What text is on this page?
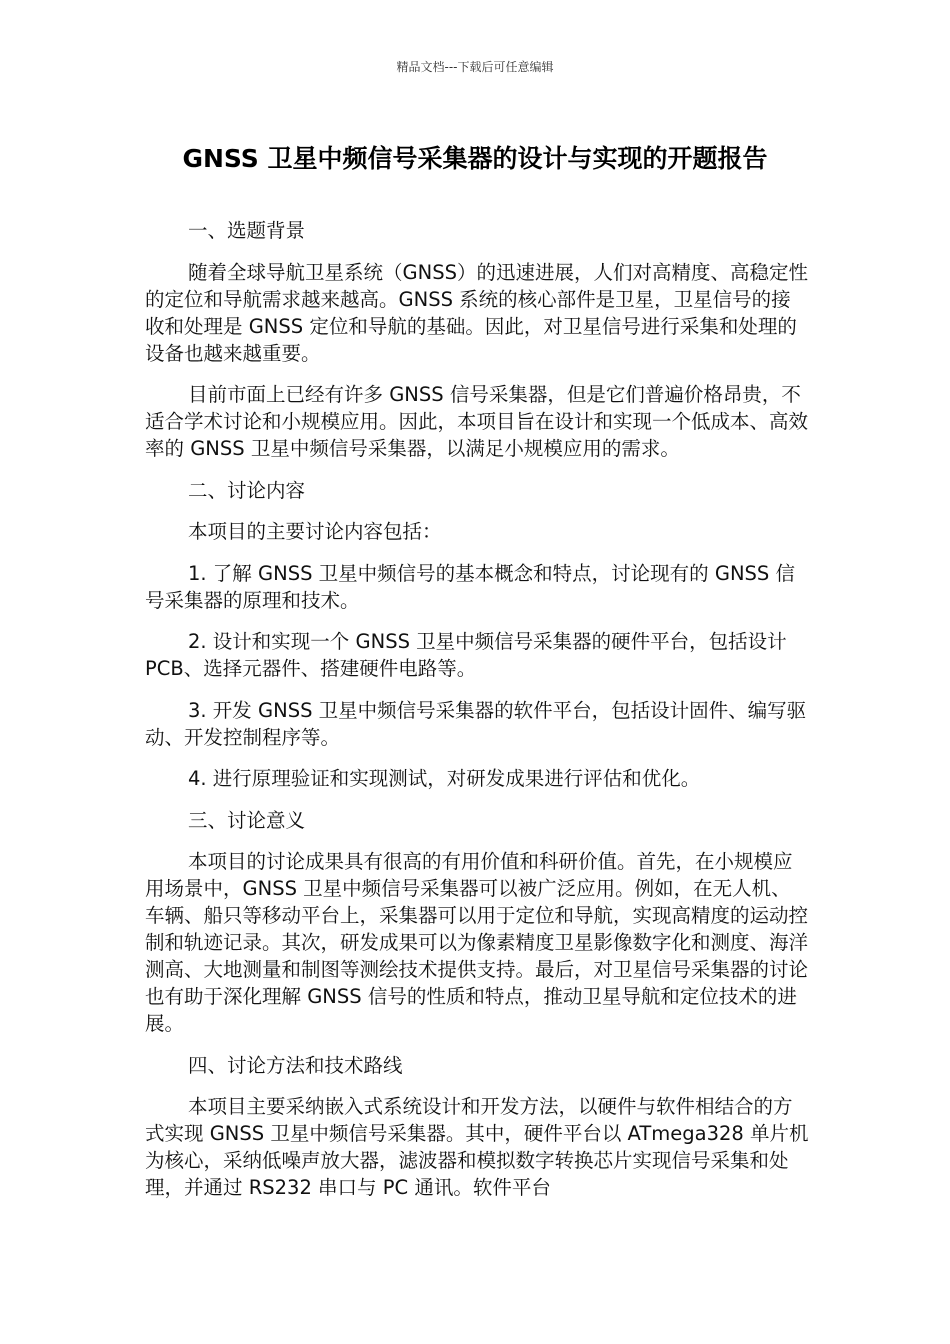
精品文档---下载后可任意编辑
GNSS 卫星中频信号采集器的设计与实现的开题报告

一、选题背景

随着全球导航卫星系统（GNSS）的迅速进展，人们对高精度、高稳定性的定位和导航需求越来越高。GNSS 系统的核心部件是卫星，卫星信号的接收和处理是 GNSS 定位和导航的基础。因此，对卫星信号进行采集和处理的设备也越来越重要。

目前市面上已经有许多 GNSS 信号采集器，但是它们普遍价格昂贵，不适合学术讨论和小规模应用。因此，本项目旨在设计和实现一个低成本、高效率的 GNSS 卫星中频信号采集器，以满足小规模应用的需求。

二、讨论内容

本项目的主要讨论内容包括：

1. 了解 GNSS 卫星中频信号的基本概念和特点，讨论现有的 GNSS 信号采集器的原理和技术。

2. 设计和实现一个 GNSS 卫星中频信号采集器的硬件平台，包括设计 PCB、选择元器件、搭建硬件电路等。

3. 开发 GNSS 卫星中频信号采集器的软件平台，包括设计固件、编写驱动、开发控制程序等。

4. 进行原理验证和实现测试，对研发成果进行评估和优化。

三、讨论意义

本项目的讨论成果具有很高的有用价值和科研价值。首先，在小规模应用场景中，GNSS 卫星中频信号采集器可以被广泛应用。例如，在无人机、车辆、船只等移动平台上，采集器可以用于定位和导航，实现高精度的运动控制和轨迹记录。其次，研发成果可以为像素精度卫星影像数字化和测度、海洋测高、大地测量和制图等测绘技术提供支持。最后，对卫星信号采集器的讨论也有助于深化理解 GNSS 信号的性质和特点，推动卫星导航和定位技术的进展。

四、讨论方法和技术路线

本项目主要采纳嵌入式系统设计和开发方法，以硬件与软件相结合的方式实现 GNSS 卫星中频信号采集器。其中，硬件平台以 ATmega328 单片机为核心，采纳低噪声放大器，滤波器和模拟数字转换芯片实现信号采集和处理，并通过 RS232 串口与 PC 通讯。软件平台
